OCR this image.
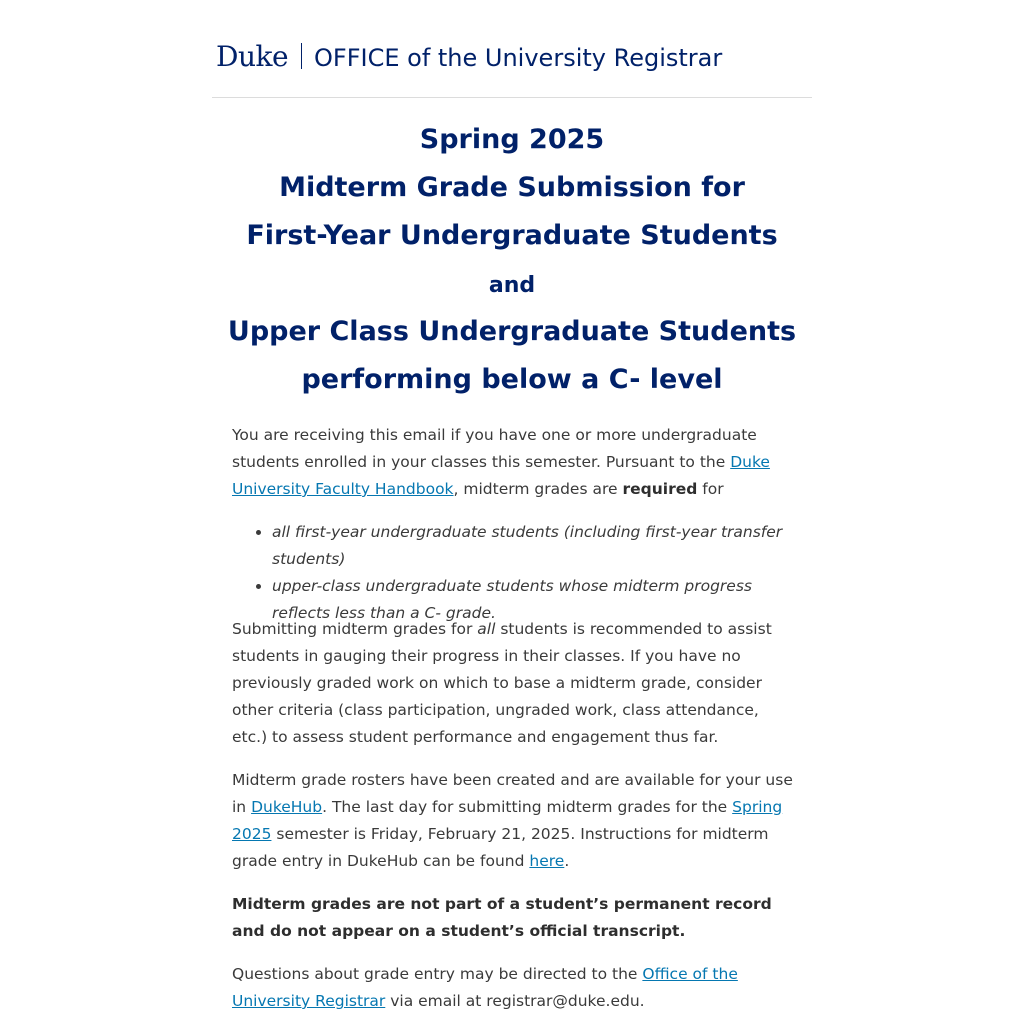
Duke OFFICE of the University Registrar
Spring 2025
Midterm Grade Submission for
First-Year Undergraduate Students
and
Upper Class Undergraduate Students
performing below a C- level

You are receiving this email if you have one or more undergraduate students enrolled in your classes this semester. Pursuant to the Duke University Faculty Handbook, midterm grades are required for

• all first-year undergraduate students (including first-year transfer students)
• upper-class undergraduate students whose midterm progress reflects less than a C- grade.

Submitting midterm grades for all students is recommended to assist students in gauging their progress in their classes. If you have no previously graded work on which to base a midterm grade, consider other criteria (class participation, ungraded work, class attendance, etc.) to assess student performance and engagement thus far.

Midterm grade rosters have been created and are available for your use in DukeHub. The last day for submitting midterm grades for the Spring 2025 semester is Friday, February 21, 2025. Instructions for midterm grade entry in DukeHub can be found here.

Midterm grades are not part of a student’s permanent record and do not appear on a student’s official transcript.

Questions about grade entry may be directed to the Office of the University Registrar via email at registrar@duke.edu.
